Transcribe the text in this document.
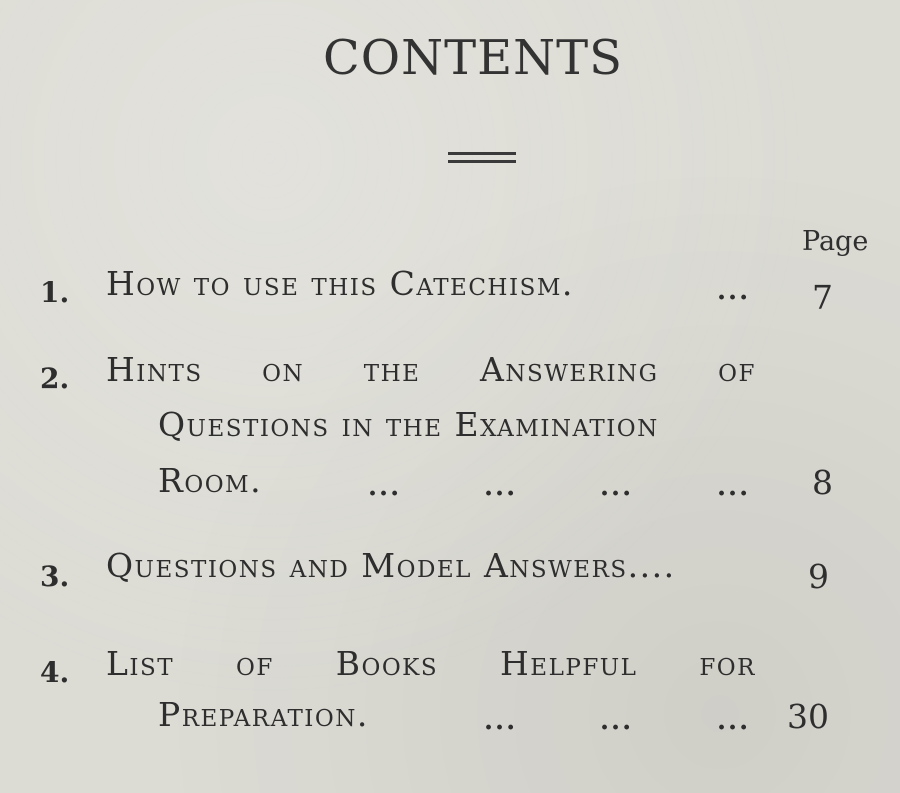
CONTENTS
Page
1. How to use this Catechism.	... 7
2. Hints on the Answering of
Questions in the Examination
Room.	...	...	...	... 8
3. Questions and Model Answers....	9
4. List of Books Helpful for
Preparation.	...	...	... 30
